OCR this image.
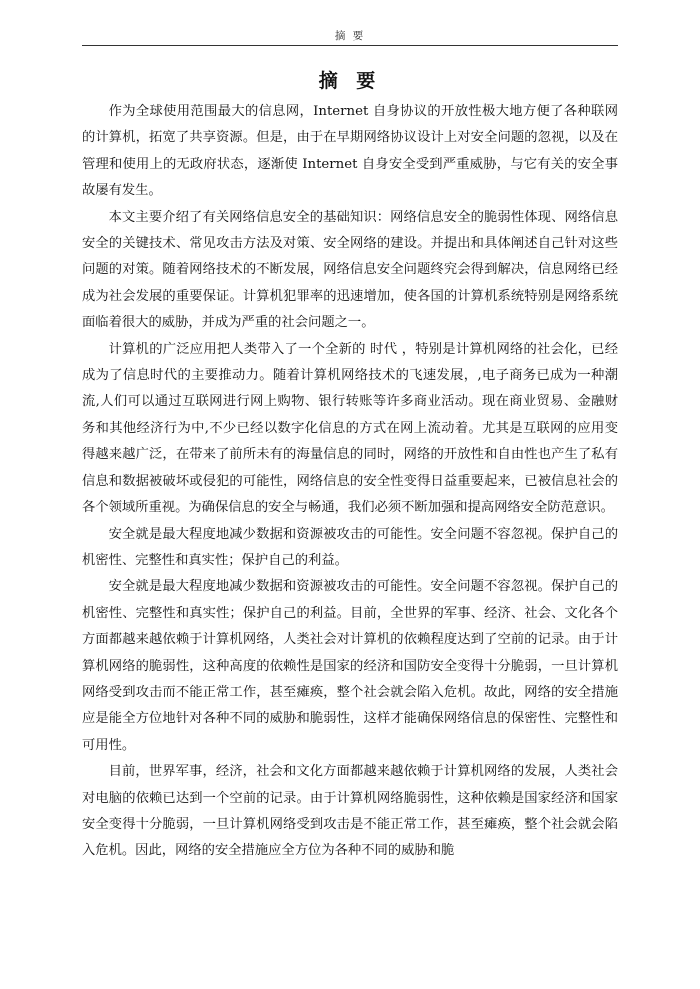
摘 要
摘 要

作为全球使用范围最大的信息网，Internet 自身协议的开放性极大地方便了各种联网的计算机，拓宽了共享资源。但是，由于在早期网络协议设计上对安全问题的忽视，以及在管理和使用上的无政府状态，逐渐使 Internet 自身安全受到严重威胁，与它有关的安全事故屡有发生。

本文主要介绍了有关网络信息安全的基础知识：网络信息安全的脆弱性体现、网络信息安全的关键技术、常见攻击方法及对策、安全网络的建设。并提出和具体阐述自己针对这些问题的对策。随着网络技术的不断发展，网络信息安全问题终究会得到解决，信息网络已经成为社会发展的重要保证。计算机犯罪率的迅速增加，使各国的计算机系统特别是网络系统面临着很大的威胁，并成为严重的社会问题之一。

计算机的广泛应用把人类带入了一个全新的 时代 ，特别是计算机网络的社会化，已经成为了信息时代的主要推动力。随着计算机网络技术的飞速发展，,电子商务已成为一种潮流,人们可以通过互联网进行网上购物、银行转账等许多商业活动。现在商业贸易、金融财务和其他经济行为中,不少已经以数字化信息的方式在网上流动着。尤其是互联网的应用变得越来越广泛，在带来了前所未有的海量信息的同时，网络的开放性和自由性也产生了私有信息和数据被破坏或侵犯的可能性，网络信息的安全性变得日益重要起来，已被信息社会的各个领域所重视。为确保信息的安全与畅通，我们必须不断加强和提高网络安全防范意识。

安全就是最大程度地减少数据和资源被攻击的可能性。安全问题不容忽视。保护自己的机密性、完整性和真实性；保护自己的利益。

安全就是最大程度地减少数据和资源被攻击的可能性。安全问题不容忽视。保护自己的机密性、完整性和真实性；保护自己的利益。目前，全世界的军事、经济、社会、文化各个方面都越来越依赖于计算机网络，人类社会对计算机的依赖程度达到了空前的记录。由于计算机网络的脆弱性，这种高度的依赖性是国家的经济和国防安全变得十分脆弱，一旦计算机网络受到攻击而不能正常工作，甚至瘫痪，整个社会就会陷入危机。故此，网络的安全措施应是能全方位地针对各种不同的威胁和脆弱性，这样才能确保网络信息的保密性、完整性和可用性。

目前，世界军事，经济，社会和文化方面都越来越依赖于计算机网络的发展，人类社会对电脑的依赖已达到一个空前的记录。由于计算机网络脆弱性，这种依赖是国家经济和国家安全变得十分脆弱，一旦计算机网络受到攻击是不能正常工作，甚至瘫痪，整个社会就会陷入危机。因此，网络的安全措施应全方位为各种不同的威胁和脆
